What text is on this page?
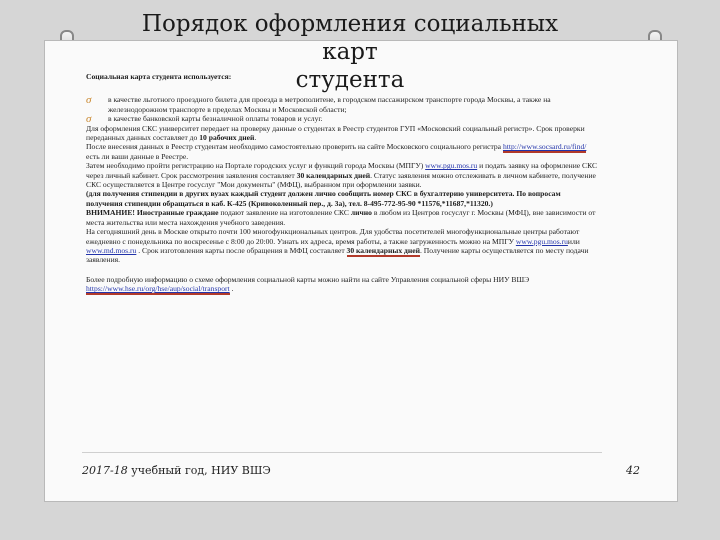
Порядок оформления социальных карт
студента

Социальная карта студента используется:

σ в качестве льготного проездного билета для проезда в метрополитене, в городском пассажирском транспорте города Москвы, а также на железнодорожном транспорте в пределах Москвы и Московской области;
σ в качестве банковской карты безналичной оплаты товаров и услуг.

Для оформления СКС университет передает на проверку данные о студентах в Реестр студентов ГУП «Московский социальный регистр». Срок проверки переданных данных составляет до 10 рабочих дней.

После внесения данных в Реестр студентам необходимо самостоятельно проверить на сайте Московского социального регистра http://www.socsard.ru/find/есть ли ваши данные в Реестре.

Затем необходимо пройти регистрацию на Портале городских услуг и функций города Москвы (МПГУ) www.pgu.mos.ru и подать заявку на оформление СКС через личный кабинет. Срок рассмотрения заявления составляет 30 календарных дней. Статус заявления можно отслеживать в личном кабинете, получение СКС осуществляется в Центре госуслуг "Мои документы" (МФЦ), выбранном при оформлении заявки.

(для получения стипендии в других вузах каждый студент должен лично сообщить номер СКС в бухгалтерию университета. По вопросам получения стипендии обращаться в каб. К-425 (Кривоколенный пер., д. 3а), тел. 8-495-772-95-90 *11576,*11687,*11320.)

ВНИМАНИЕ! Иностранные граждане подают заявление на изготовление СКС лично в любом из Центров госуслуг г. Москвы (МФЦ), вне зависимости от места жительства или места нахождения учебного заведения.

На сегодняшний день в Москве открыто почти 100 многофункциональных центров. Для удобства посетителей многофункциональные центры работают ежедневно с понедельника по воскресенье с 8:00 до 20:00. Узнать их адреса, время работы, а также загруженность можно на МПГУ www.pgu.mos.ruили www.md.mos.ru . Срок изготовления карты после обращения в МФЦ составляет 30 календарных дней. Получение карты осуществляется по месту подачи заявления.

Более подробную информацию о схеме оформления социальной карты можно найти на сайте Управления социальной сферы НИУ ВШЭ https://www.hse.ru/org/hse/aup/social/transport .

2017-18 учебный год, НИУ ВШЭ	42
